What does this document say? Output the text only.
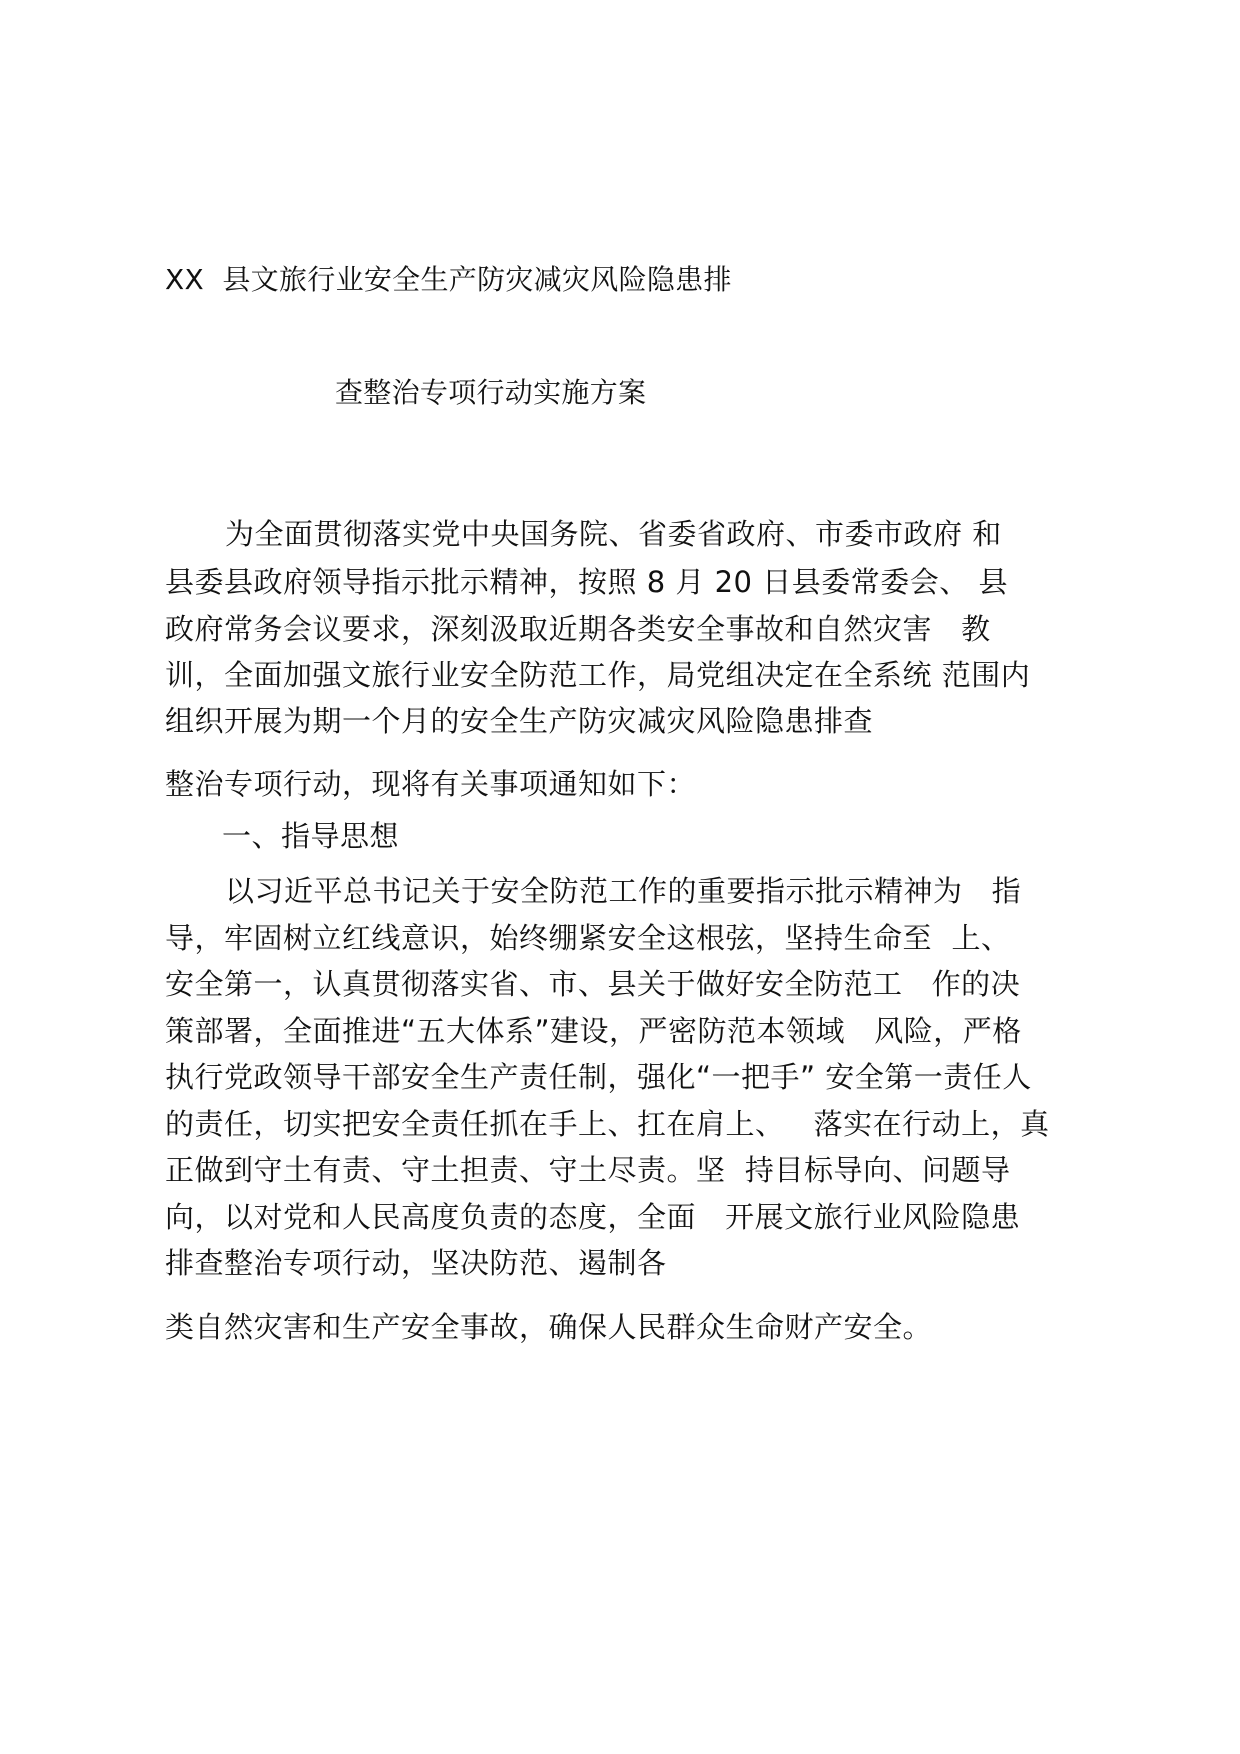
XX  县文旅行业安全生产防灾减灾风险隐患排
查整治专项行动实施方案
为全面贯彻落实党中央国务院、省委省政府、市委市政府 和
县委县政府领导指示批示精神，按照 8 月 20 日县委常委会、 县
政府常务会议要求，深刻汲取近期各类安全事故和自然灾害   教
训，全面加强文旅行业安全防范工作，局党组决定在全系统 范围内
组织开展为期一个月的安全生产防灾减灾风险隐患排查
整治专项行动，现将有关事项通知如下：
一、指导思想
以习近平总书记关于安全防范工作的重要指示批示精神为   指
导，牢固树立红线意识，始终绷紧安全这根弦，坚持生命至  上、
安全第一，认真贯彻落实省、市、县关于做好安全防范工   作的决
策部署，全面推进“五大体系”建设，严密防范本领域   风险，严格
执行党政领导干部安全生产责任制，强化“一把手” 安全第一责任人
的责任，切实把安全责任抓在手上、扛在肩上、   落实在行动上，真
正做到守土有责、守土担责、守土尽责。坚  持目标导向、问题导
向，以对党和人民高度负责的态度，全面   开展文旅行业风险隐患
排查整治专项行动，坚决防范、遏制各
类自然灾害和生产安全事故，确保人民群众生命财产安全。
